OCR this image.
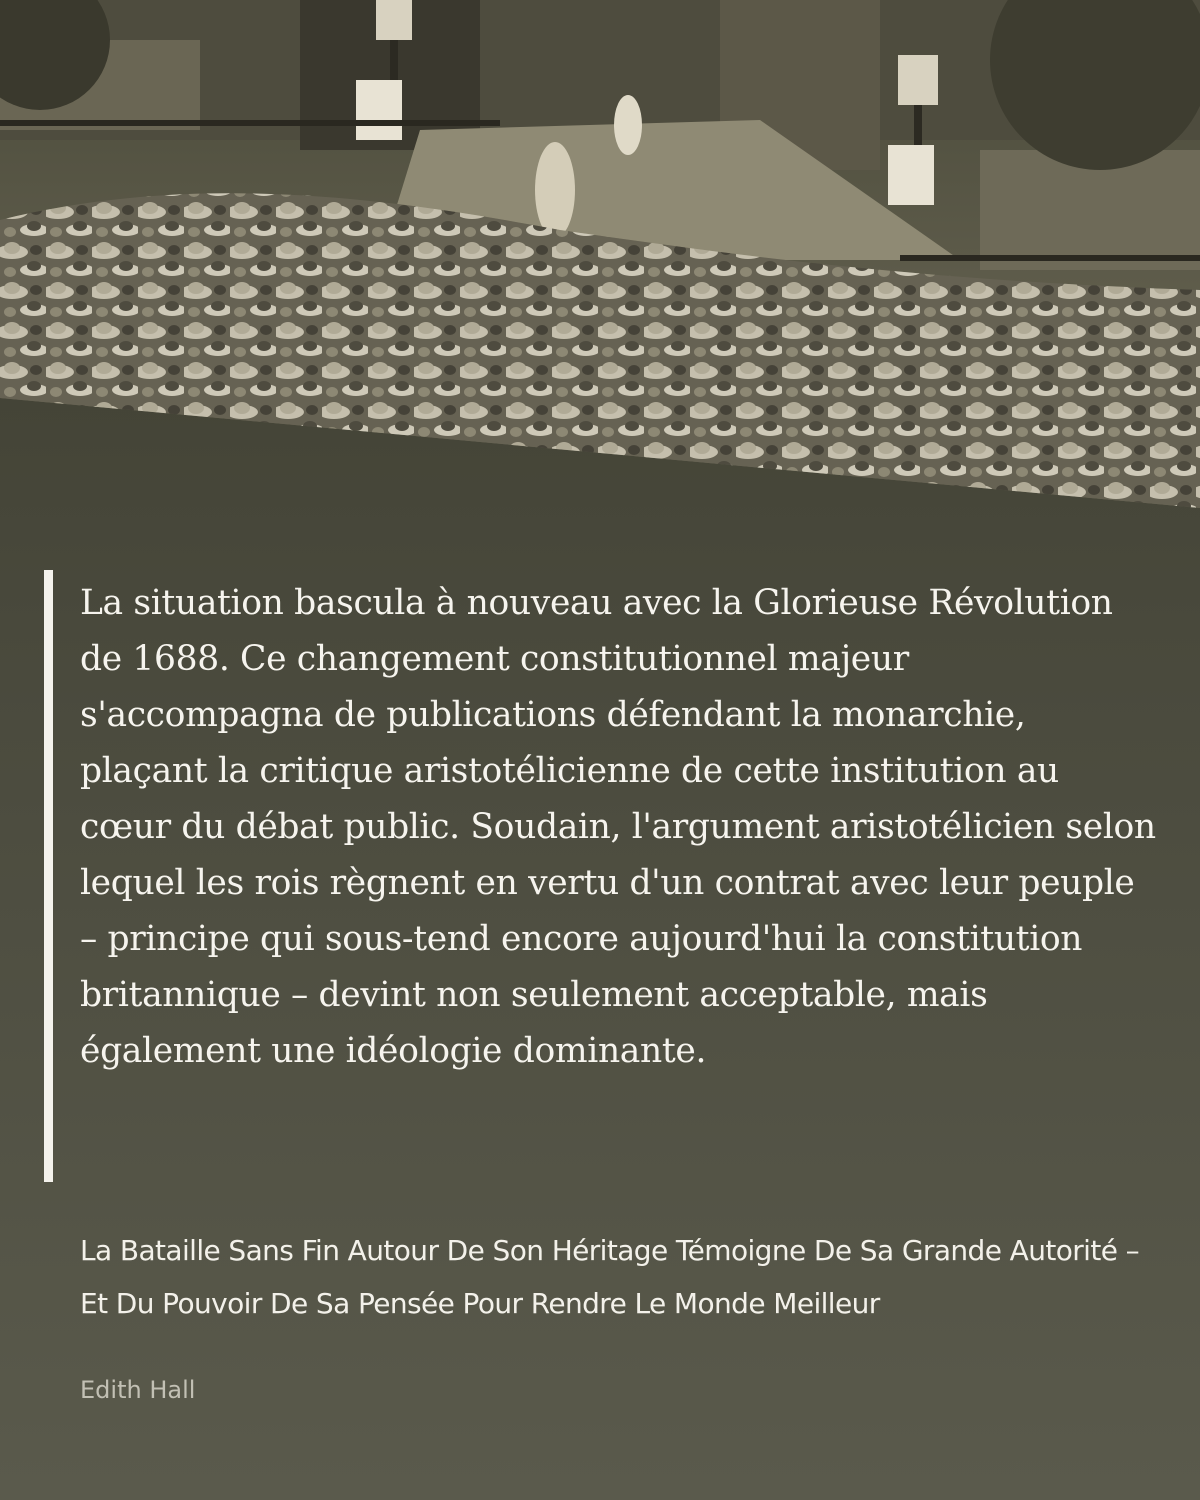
La situation bascula à nouveau avec la Glorieuse Révolution de 1688. Ce changement constitutionnel majeur s'accompagna de publications défendant la monarchie, plaçant la critique aristotélicienne de cette institution au cœur du débat public. Soudain, l'argument aristotélicien selon lequel les rois règnent en vertu d'un contrat avec leur peuple – principe qui sous-tend encore aujourd'hui la constitution britannique – devint non seulement acceptable, mais également une idéologie dominante.

La Bataille Sans Fin Autour De Son Héritage Témoigne De Sa Grande Autorité – Et Du Pouvoir De Sa Pensée Pour Rendre Le Monde Meilleur

Edith Hall
